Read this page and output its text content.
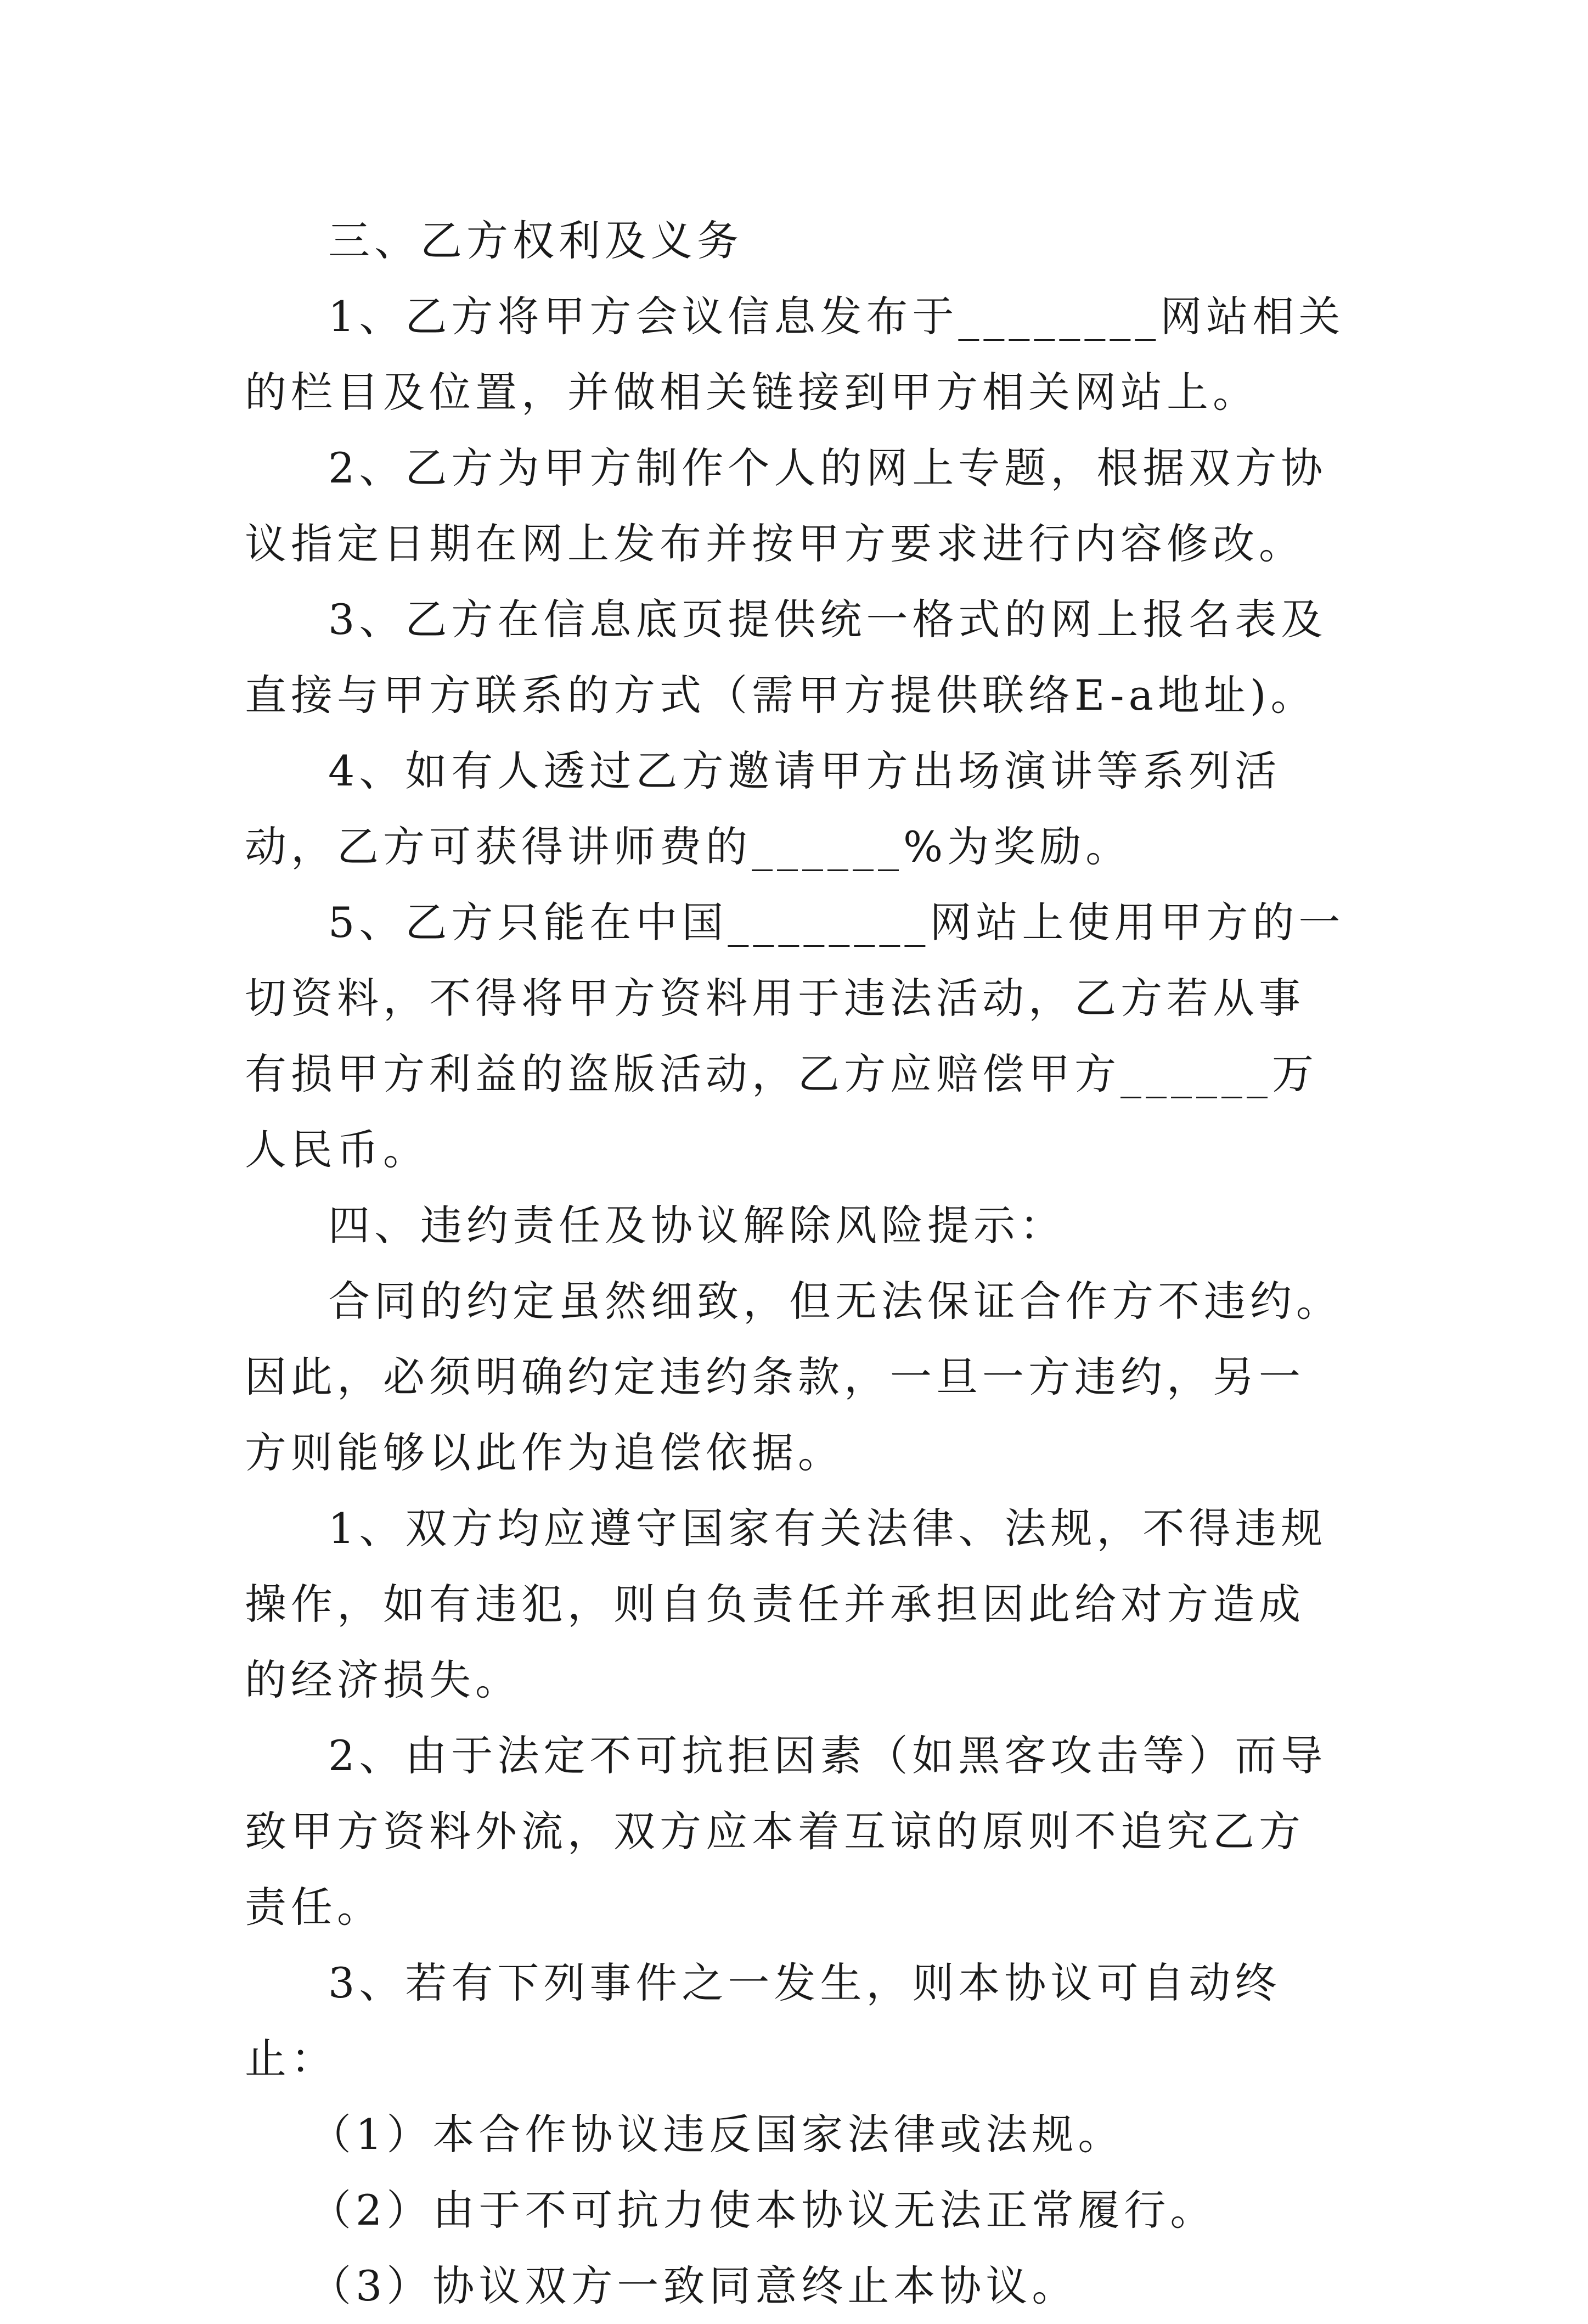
三、乙方权利及义务

1、乙方将甲方会议信息发布于________网站相关的栏目及位置，并做相关链接到甲方相关网站上。

2、乙方为甲方制作个人的网上专题，根据双方协议指定日期在网上发布并按甲方要求进行内容修改。

3、乙方在信息底页提供统一格式的网上报名表及直接与甲方联系的方式（需甲方提供联络E-a地址)。

4、如有人透过乙方邀请甲方出场演讲等系列活动，乙方可获得讲师费的______%为奖励。

5、乙方只能在中国________网站上使用甲方的一切资料，不得将甲方资料用于违法活动，乙方若从事有损甲方利益的盗版活动，乙方应赔偿甲方______万人民币。

四、违约责任及协议解除风险提示：

合同的约定虽然细致，但无法保证合作方不违约。因此，必须明确约定违约条款，一旦一方违约，另一方则能够以此作为追偿依据。

1、双方均应遵守国家有关法律、法规，不得违规操作，如有违犯，则自负责任并承担因此给对方造成的经济损失。

2、由于法定不可抗拒因素（如黑客攻击等）而导致甲方资料外流，双方应本着互谅的原则不追究乙方责任。

3、若有下列事件之一发生，则本协议可自动终止：

（1）本合作协议违反国家法律或法规。

（2）由于不可抗力使本协议无法正常履行。

（3）协议双方一致同意终止本协议。
